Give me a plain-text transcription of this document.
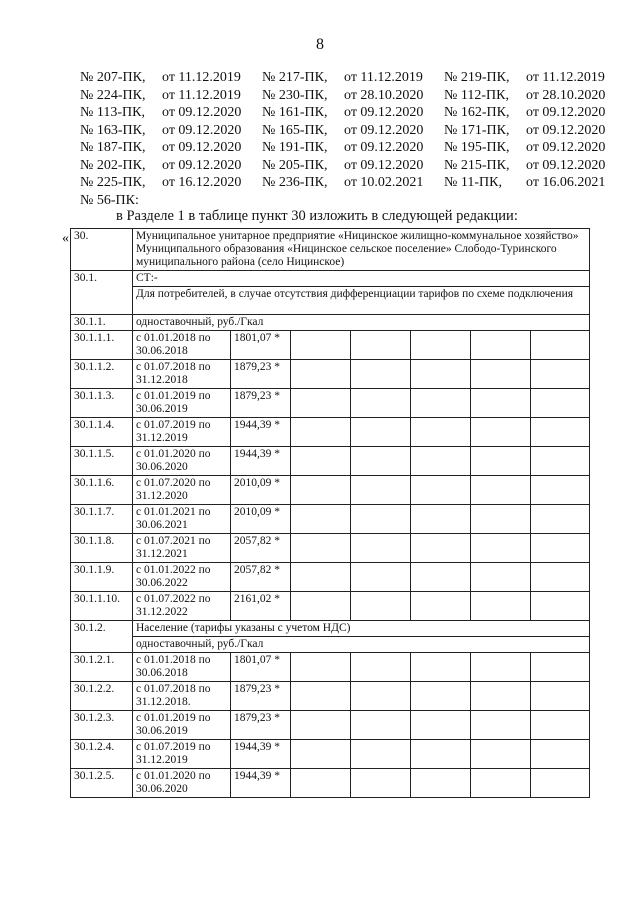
8
№ 207-ПК,	от 11.12.2019	№ 217-ПК,	от 11.12.2019	№ 219-ПК,	от 11.12.2019
№ 224-ПК,	от 11.12.2019	№ 230-ПК,	от 28.10.2020	№ 112-ПК,	от 28.10.2020
№ 113-ПК,	от 09.12.2020	№ 161-ПК,	от 09.12.2020	№ 162-ПК,	от 09.12.2020
№ 163-ПК,	от 09.12.2020	№ 165-ПК,	от 09.12.2020	№ 171-ПК,	от 09.12.2020
№ 187-ПК,	от 09.12.2020	№ 191-ПК,	от 09.12.2020	№ 195-ПК,	от 09.12.2020
№ 202-ПК,	от 09.12.2020	№ 205-ПК,	от 09.12.2020	№ 215-ПК,	от 09.12.2020
№ 225-ПК,	от 16.12.2020	№ 236-ПК,	от 10.02.2021	№ 11-ПК,	от 16.06.2021
№ 56-ПК:
в Разделе 1 в таблице пункт 30 изложить в следующей редакции:
« 30.	Муниципальное унитарное предприятие «Ницинское жилищно-коммунальное хозяйство» Муниципального образования «Ницинское сельское поселение» Слободо-Туринского муниципального района (село Ницинское)						
30.1.	СТ:-						
	Для потребителей, в случае отсутствия дифференциации тарифов по схеме подключения						
30.1.1.	одноставочный, руб./Гкал						
30.1.1.1.	с 01.01.2018 по 30.06.2018	1801,07 *					
30.1.1.2.	с 01.07.2018 по 31.12.2018	1879,23 *					
30.1.1.3.	с 01.01.2019 по 30.06.2019	1879,23 *					
30.1.1.4.	с 01.07.2019 по 31.12.2019	1944,39 *					
30.1.1.5.	с 01.01.2020 по 30.06.2020	1944,39 *					
30.1.1.6.	с 01.07.2020 по 31.12.2020	2010,09 *					
30.1.1.7.	с 01.01.2021 по 30.06.2021	2010,09 *					
30.1.1.8.	с 01.07.2021 по 31.12.2021	2057,82 *					
30.1.1.9.	с 01.01.2022 по 30.06.2022	2057,82 *					
30.1.1.10.	с 01.07.2022 по 31.12.2022	2161,02 *					
30.1.2.	Население (тарифы указаны с учетом НДС)						
	одноставочный, руб./Гкал						
30.1.2.1.	с 01.01.2018 по 30.06.2018	1801,07 *					
30.1.2.2.	с 01.07.2018 по 31.12.2018.	1879,23 *					
30.1.2.3.	с 01.01.2019 по 30.06.2019	1879,23 *					
30.1.2.4.	с 01.07.2019 по 31.12.2019	1944,39 *					
30.1.2.5.	с 01.01.2020 по 30.06.2020	1944,39 *					
